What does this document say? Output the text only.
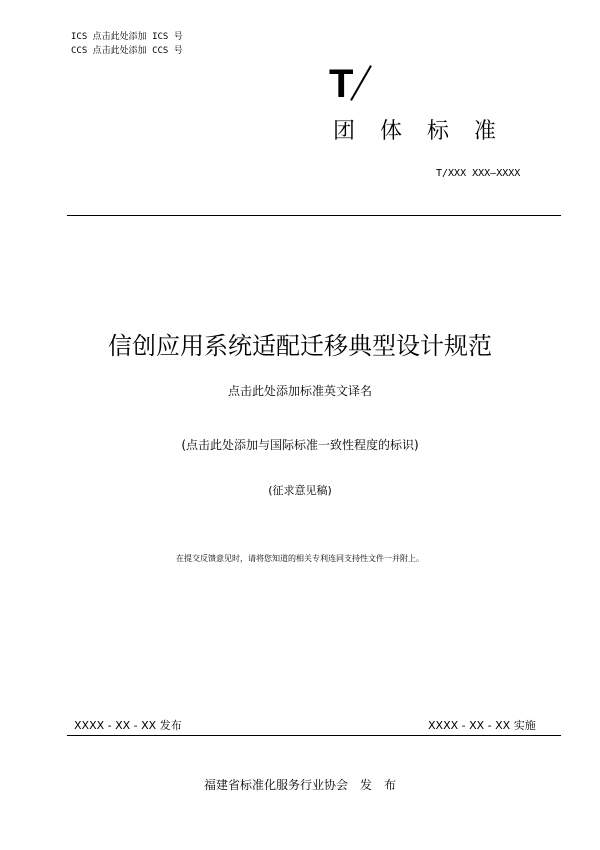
ICS 点击此处添加 ICS 号
CCS 点击此处添加 CCS 号
T
团体标准
T/XXX XXX—XXXX
信创应用系统适配迁移典型设计规范
点击此处添加标准英文译名
(点击此处添加与国际标准一致性程度的标识)
(征求意见稿)
在提交反馈意见时，请将您知道的相关专利连同支持性文件一并附上。
XXXX - XX - XX 发布	XXXX - XX - XX 实施
福建省标准化服务行业协会　发　布
